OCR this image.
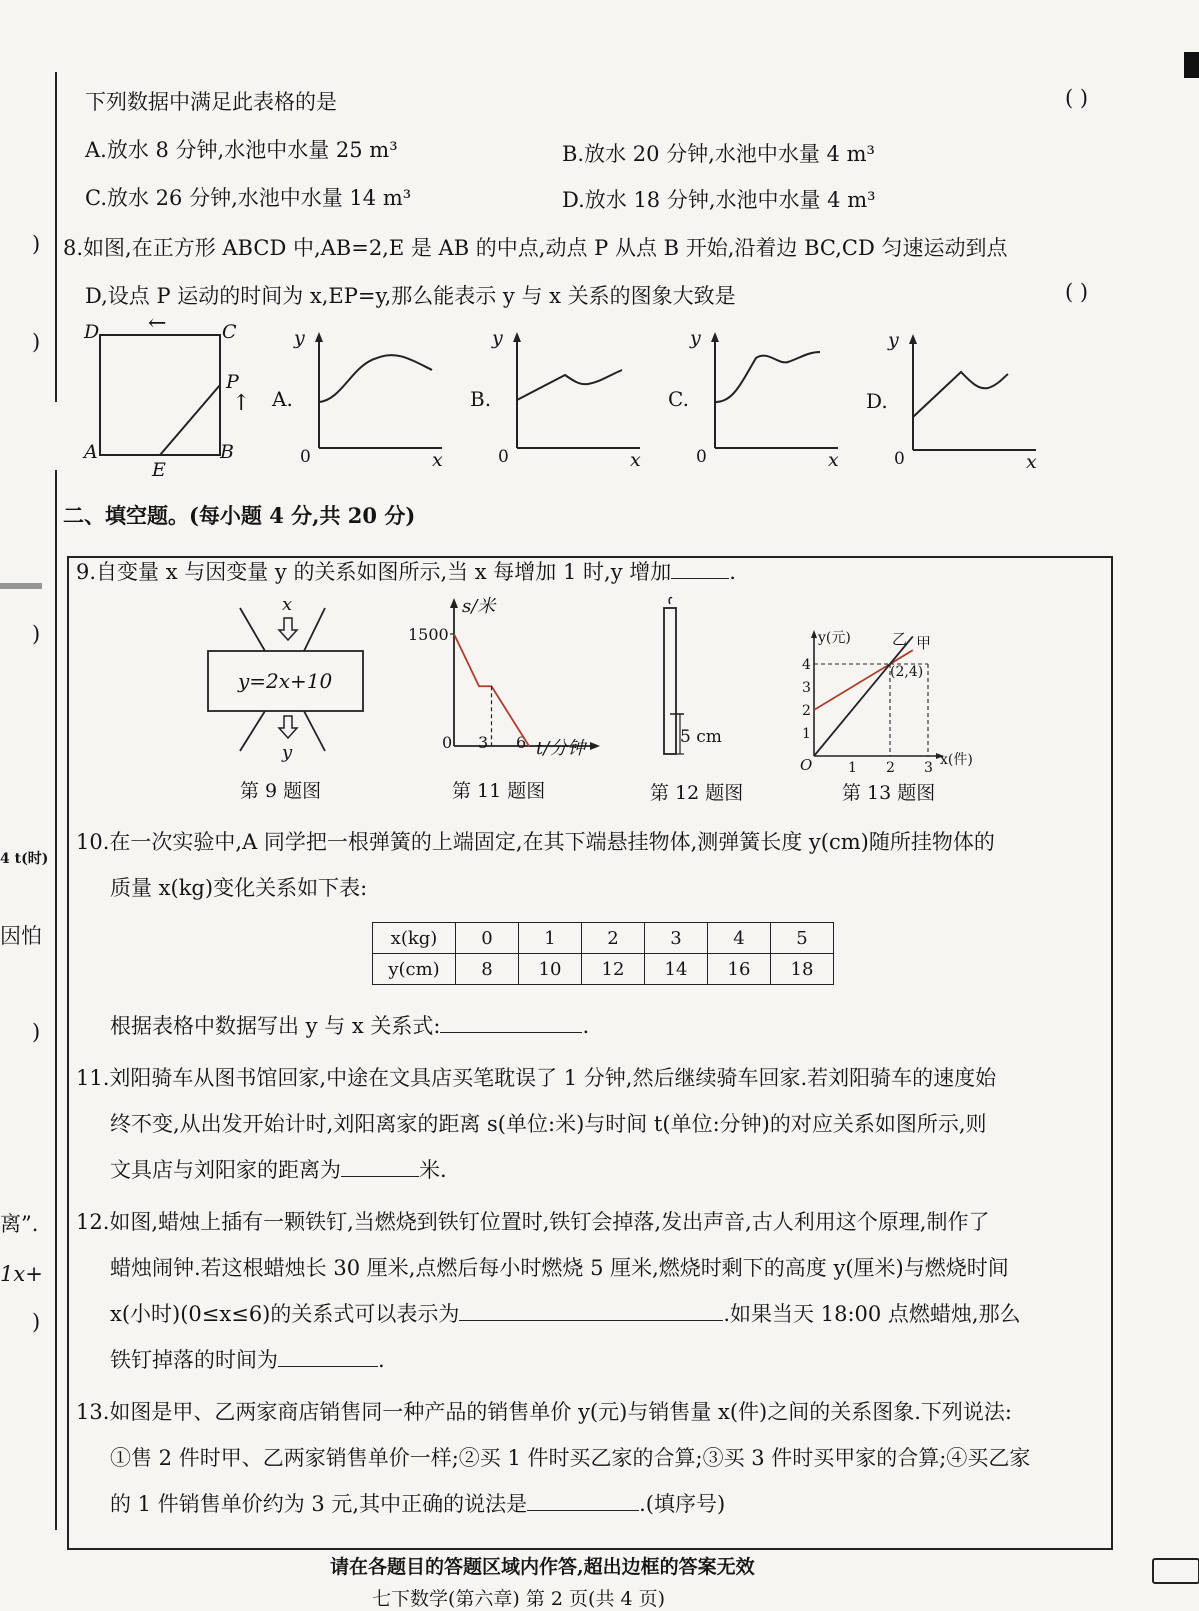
)
)
)
4 t(时)
因怕
)
离”.
1x+
)
下列数据中满足此表格的是	( )
A.放水 8 分钟,水池中水量 25 m³	B.放水 20 分钟,水池中水量 4 m³
C.放水 26 分钟,水池中水量 14 m³	D.放水 18 分钟,水池中水量 4 m³
8.如图,在正方形 ABCD 中,AB=2,E 是 AB 的中点,动点 P 从点 B 开始,沿着边 BC,CD 匀速运动到点
D,设点 P 运动的时间为 x,EP=y,那么能表示 y 与 x 关系的图象大致是	( )
D	C
A	B
E
P
←
↑
y
A.
0	x
y
B.
0	x
y
C.
0	x
y
D.
0	x
二、填空题。(每小题 4 分,共 20 分)
9.自变量 x 与因变量 y 的关系如图所示,当 x 每增加 1 时,y 增加	.
x
y=2x+10
y
第 9 题图
s/米
t/分钟
1500
0 3 6
第 11 题图
5 cm
第 12 题图
y(元)
x(件)
O
(2,4)
乙 甲
1
2
3
4
1 2 3
第 13 题图
10.在一次实验中,A 同学把一根弹簧的上端固定,在其下端悬挂物体,测弹簧长度 y(cm)随所挂物体的
质量 x(kg)变化关系如下表:
x(kg)	0	1	2	3	4	5
y(cm)	8	10	12	14	16	18
根据表格中数据写出 y 与 x 关系式:	.
11.刘阳骑车从图书馆回家,中途在文具店买笔耽误了 1 分钟,然后继续骑车回家.若刘阳骑车的速度始
终不变,从出发开始计时,刘阳离家的距离 s(单位:米)与时间 t(单位:分钟)的对应关系如图所示,则
文具店与刘阳家的距离为	米.
12.如图,蜡烛上插有一颗铁钉,当燃烧到铁钉位置时,铁钉会掉落,发出声音,古人利用这个原理,制作了
蜡烛闹钟.若这根蜡烛长 30 厘米,点燃后每小时燃烧 5 厘米,燃烧时剩下的高度 y(厘米)与燃烧时间
x(小时)(0≤x≤6)的关系式可以表示为	.如果当天 18:00 点燃蜡烛,那么
铁钉掉落的时间为	.
13.如图是甲、乙两家商店销售同一种产品的销售单价 y(元)与销售量 x(件)之间的关系图象.下列说法:
①售 2 件时甲、乙两家销售单价一样;②买 1 件时买乙家的合算;③买 3 件时买甲家的合算;④买乙家
的 1 件销售单价约为 3 元,其中正确的说法是	.(填序号)
请在各题目的答题区域内作答,超出边框的答案无效
七下数学(第六章) 第 2 页(共 4 页)
